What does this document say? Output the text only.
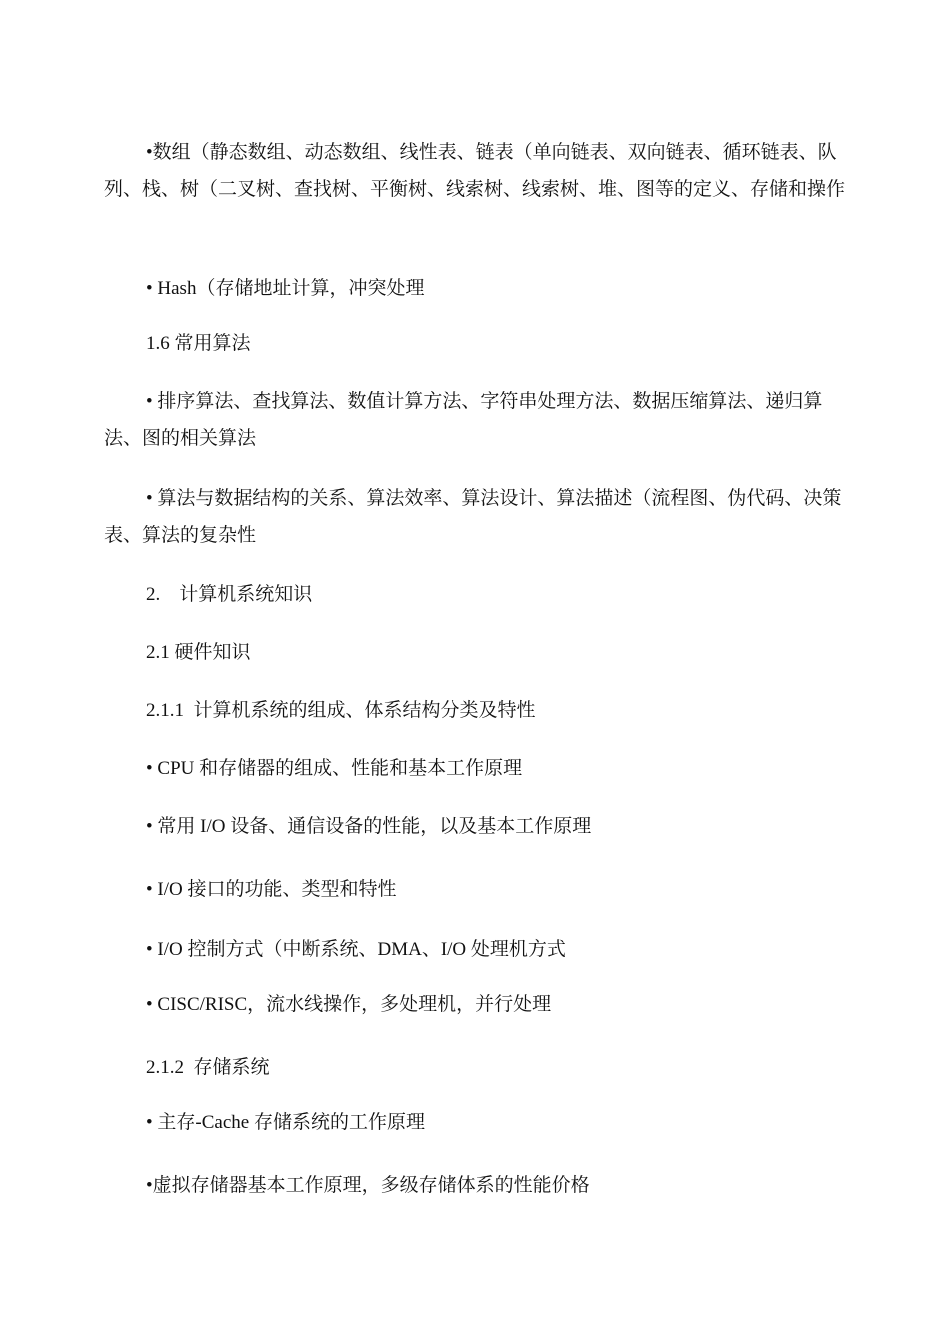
•数组（静态数组、动态数组、线性表、链表（单向链表、双向链表、循环链表、队列、栈、树（二叉树、查找树、平衡树、线索树、线索树、堆、图等的定义、存储和操作

• Hash（存储地址计算，冲突处理

1.6 常用算法

• 排序算法、查找算法、数值计算方法、字符串处理方法、数据压缩算法、递归算法、图的相关算法

• 算法与数据结构的关系、算法效率、算法设计、算法描述（流程图、伪代码、决策表、算法的复杂性

2.    计算机系统知识

2.1 硬件知识

2.1.1  计算机系统的组成、体系结构分类及特性

• CPU 和存储器的组成、性能和基本工作原理

• 常用 I/O 设备、通信设备的性能，以及基本工作原理

• I/O 接口的功能、类型和特性

• I/O 控制方式（中断系统、DMA、I/O 处理机方式

• CISC/RISC，流水线操作，多处理机，并行处理

2.1.2  存储系统

• 主存-Cache 存储系统的工作原理

•虚拟存储器基本工作原理，多级存储体系的性能价格
